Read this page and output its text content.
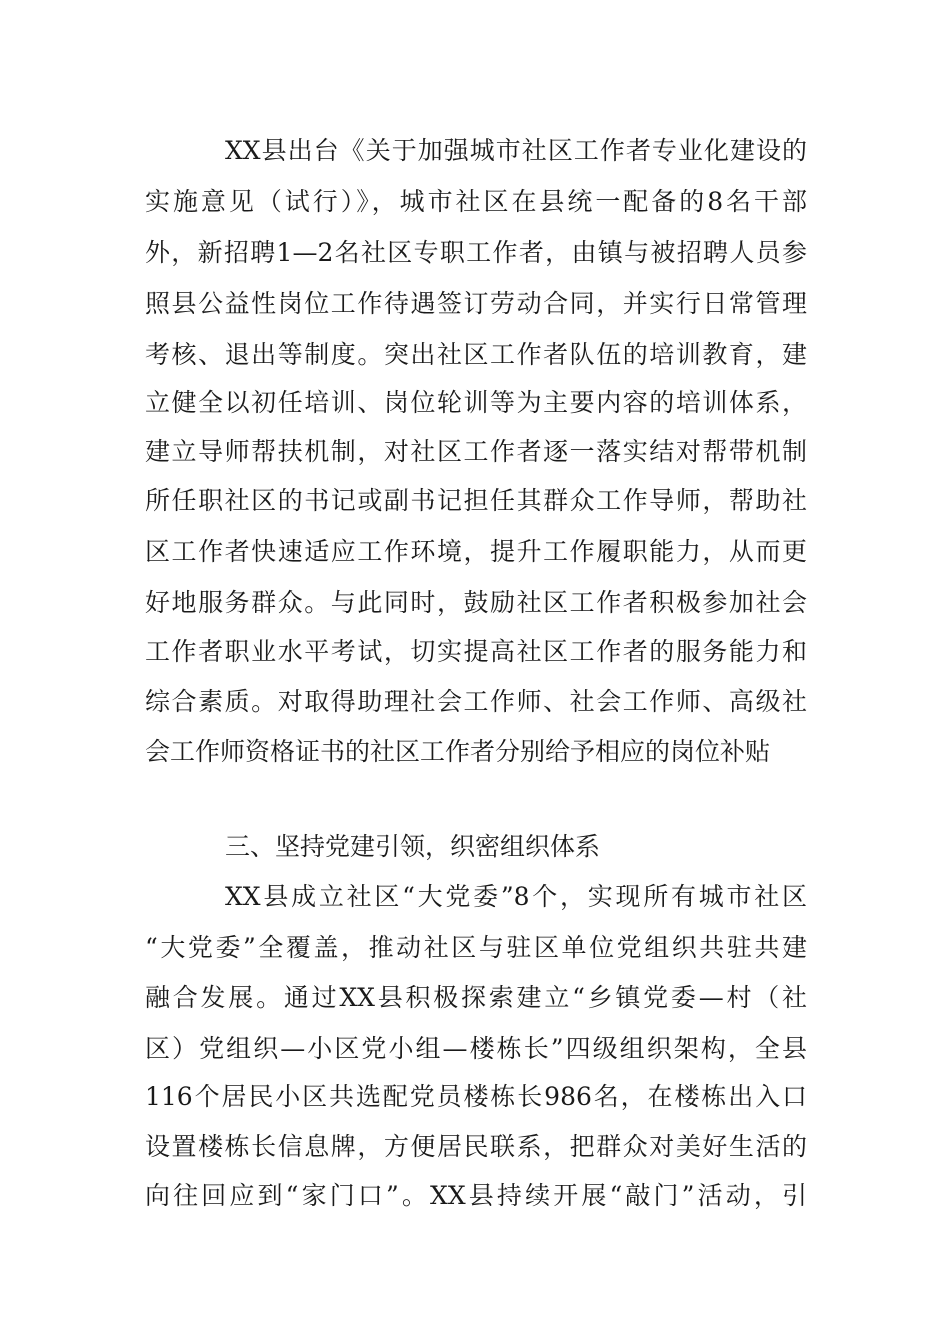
XX县出台《关于加强城市社区工作者专业化建设的
实施意见（试行）》，城市社区在县统一配备的8名干部
外，新招聘1—2名社区专职工作者，由镇与被招聘人员参
照县公益性岗位工作待遇签订劳动合同，并实行日常管理
考核、退出等制度。突出社区工作者队伍的培训教育，建
立健全以初任培训、岗位轮训等为主要内容的培训体系，
建立导师帮扶机制，对社区工作者逐一落实结对帮带机制
所任职社区的书记或副书记担任其群众工作导师，帮助社
区工作者快速适应工作环境，提升工作履职能力，从而更
好地服务群众。与此同时，鼓励社区工作者积极参加社会
工作者职业水平考试，切实提高社区工作者的服务能力和
综合素质。对取得助理社会工作师、社会工作师、高级社
会工作师资格证书的社区工作者分别给予相应的岗位补贴
三、坚持党建引领，织密组织体系
XX县成立社区“大党委”8个，实现所有城市社区
“大党委”全覆盖，推动社区与驻区单位党组织共驻共建
融合发展。通过XX县积极探索建立“乡镇党委—村（社
区）党组织—小区党小组—楼栋长”四级组织架构，全县
116个居民小区共选配党员楼栋长986名，在楼栋出入口
设置楼栋长信息牌，方便居民联系，把群众对美好生活的
向往回应到“家门口”。XX县持续开展“敲门”活动，引
